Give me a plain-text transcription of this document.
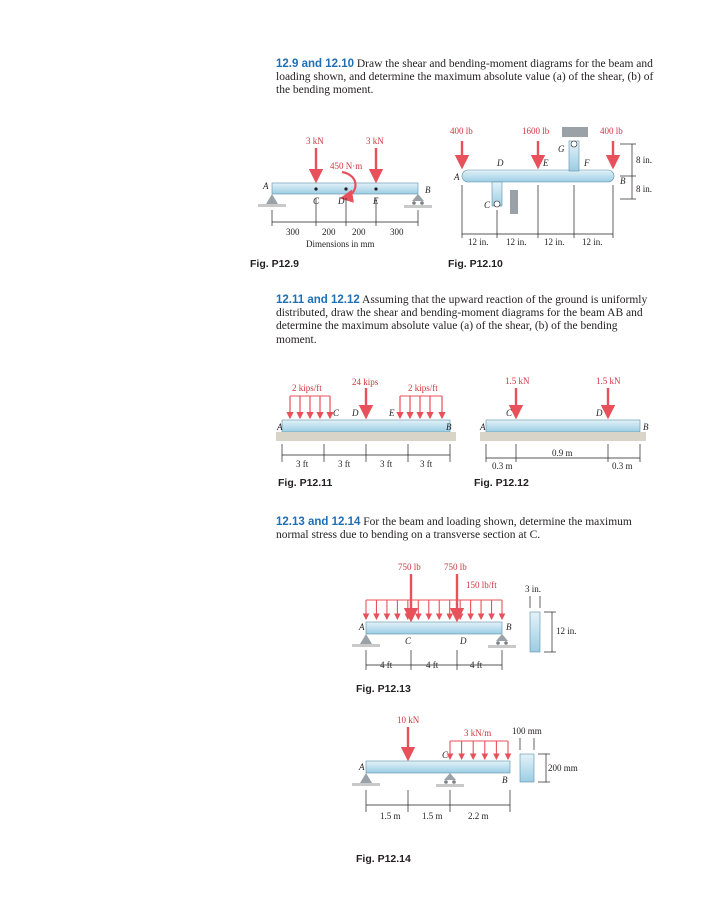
12.9 and 12.10 Draw the shear and bending-moment diagrams for the beam and loading shown, and determine the maximum absolute value (a) of the shear, (b) of the bending moment.
12.11 and 12.12 Assuming that the upward reaction of the ground is uniformly distributed, draw the shear and bending-moment diagrams for the beam AB and determine the maximum absolute value (a) of the shear, (b) of the bending moment.
12.13 and 12.14 For the beam and loading shown, determine the maximum normal stress due to bending on a transverse section at C.
Fig. P12.9	Fig. P12.10
Fig. P12.11	Fig. P12.12
Fig. P12.13
Fig. P12.14
3 kN	3 kN
450 N·m
A
C D	E
B
300	200 200	300
Dimensions in mm
400 lb	1600 lb	400 lb
A
C
D	E	F
G
B
12 in. 12 in. 12 in. 12 in.
8 in.
8 in.
2 kips/ft
24 kips
2 kips/ft
A
C D	E
B
3 ft	3 ft	3 ft	3 ft
1.5 kN	1.5 kN
A
C	D
B
0.3 m
0.9 m
0.3 m
750 lb	750 lb
150 lb/ft
A
C	D
B
4 ft	4 ft	4 ft
3 in.
12 in.
10 kN
3 kN/m
A
C
B
1.5 m 1.5 m	2.2 m
100 mm
200 mm
